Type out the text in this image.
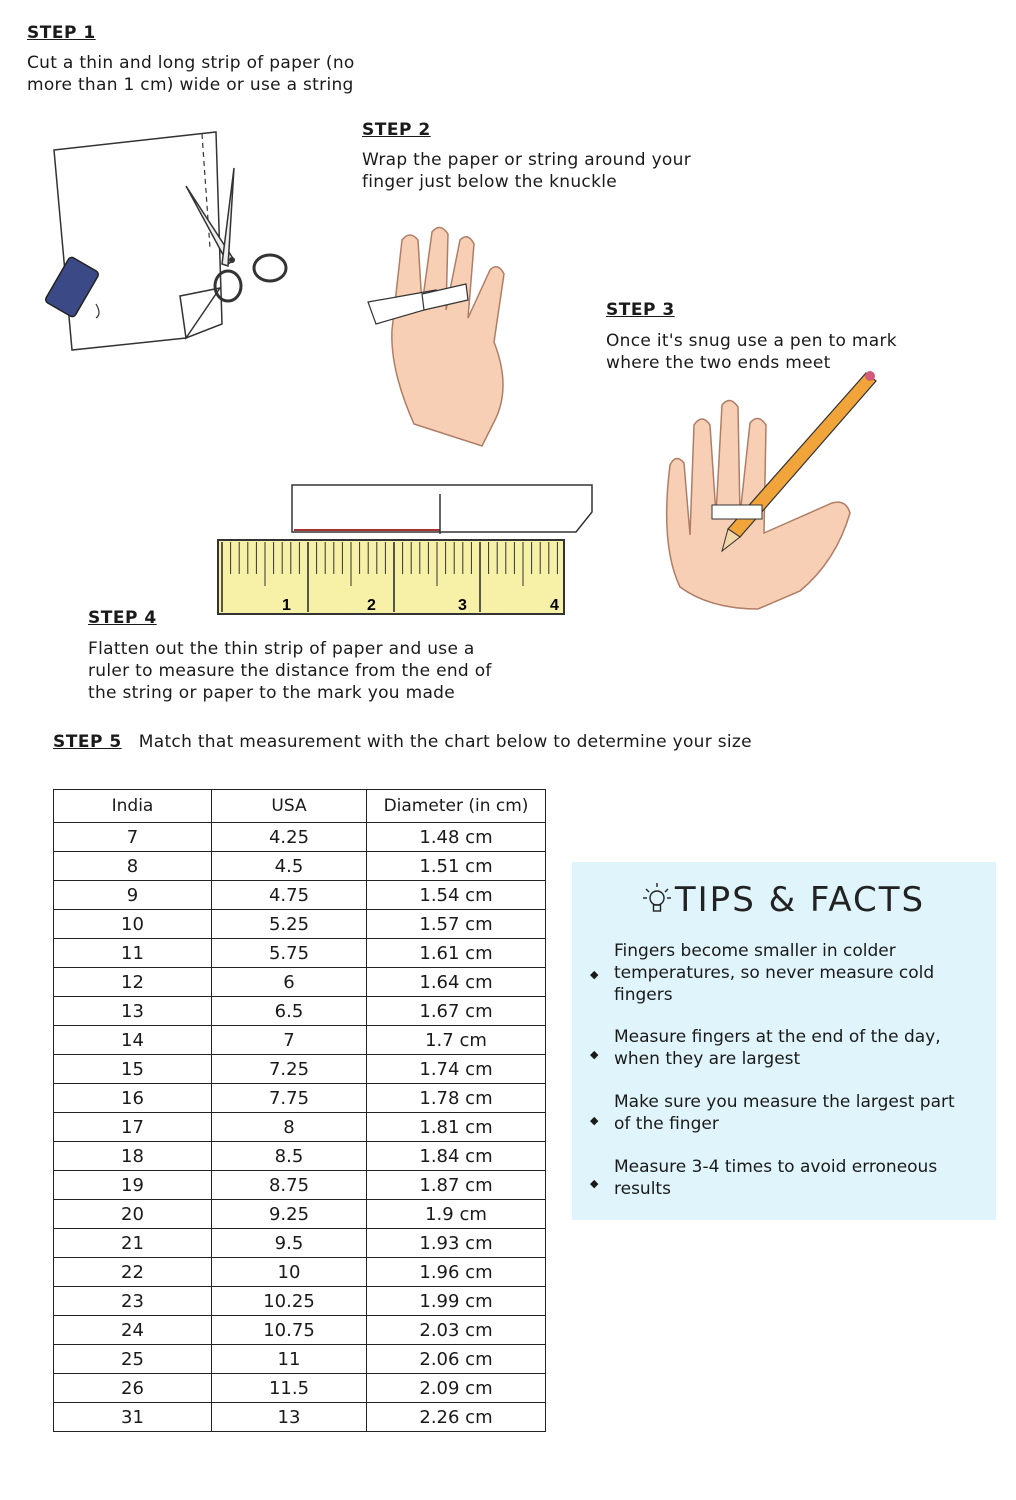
STEP 1
Cut a thin and long strip of paper (no
more than 1 cm) wide or use a string
STEP 2
Wrap the paper or string around your
finger just below the knuckle
STEP 3
Once it's snug use a pen to mark
where the two ends meet
1	2	3	4
STEP 4
Flatten out the thin strip of paper and use a
ruler to measure the distance from the end of
the string or paper to the mark you made
STEP 5 Match that measurement with the chart below to determine your size
India	USA	Diameter (in cm)
7	4.25	1.48 cm
8	4.5	1.51 cm
9	4.75	1.54 cm
10	5.25	1.57 cm
11	5.75	1.61 cm
12	6	1.64 cm
13	6.5	1.67 cm
14	7	1.7 cm
15	7.25	1.74 cm
16	7.75	1.78 cm
17	8	1.81 cm
18	8.5	1.84 cm
19	8.75	1.87 cm
20	9.25	1.9 cm
21	9.5	1.93 cm
22	10	1.96 cm
23	10.25	1.99 cm
24	10.75	2.03 cm
25	11	2.06 cm
26	11.5	2.09 cm
31	13	2.26 cm
TIPS & FACTS
◆
Fingers become smaller in colder
temperatures, so never measure cold
fingers
◆
Measure fingers at the end of the day,
when they are largest
◆
Make sure you measure the largest part
of the finger
◆
Measure 3-4 times to avoid erroneous
results
